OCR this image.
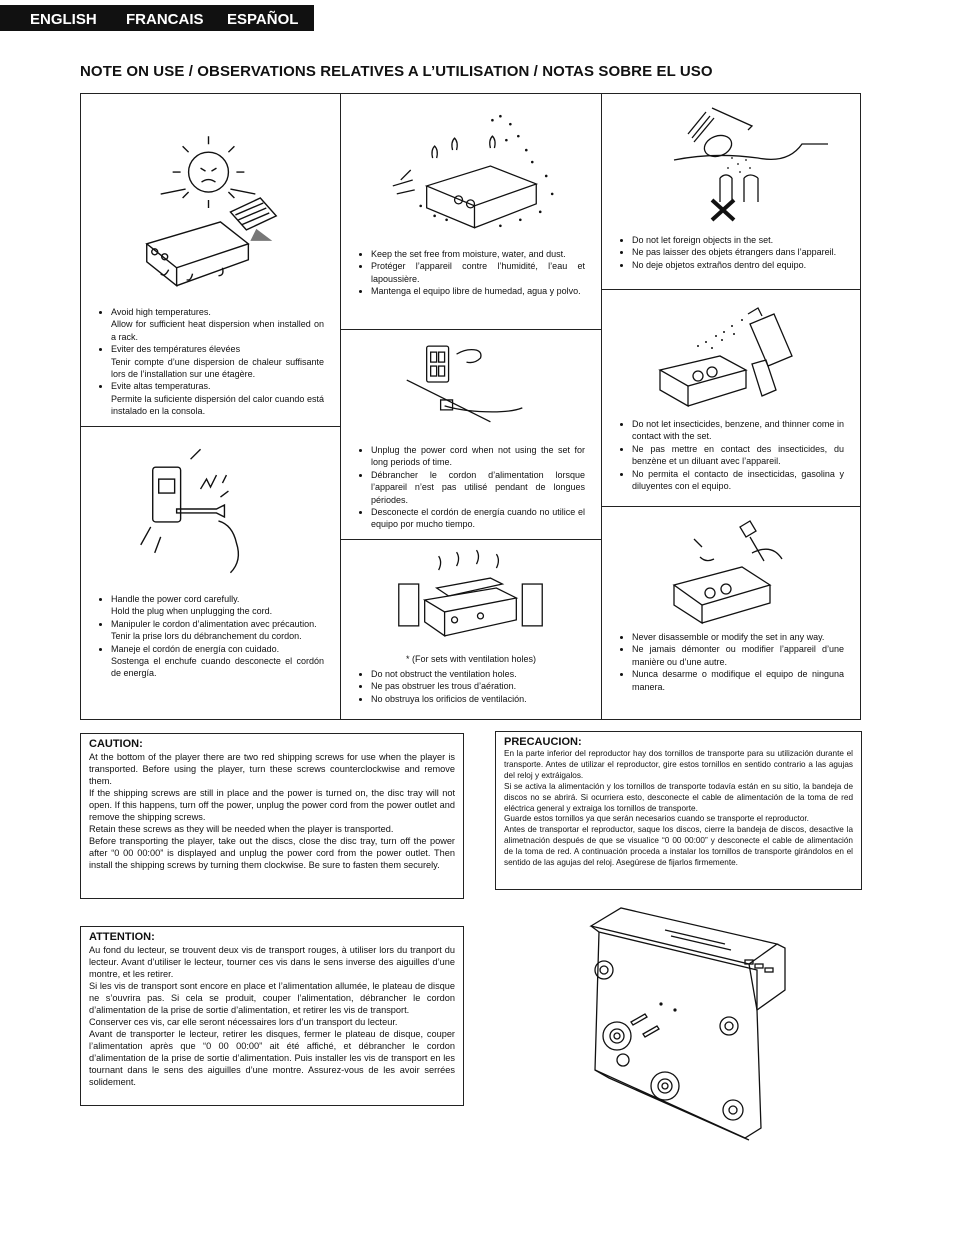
ENGLISH FRANCAIS ESPAÑOL
NOTE ON USE / OBSERVATIONS RELATIVES A L’UTILISATION / NOTAS SOBRE EL USO
• Avoid high temperatures.
Allow for sufficient heat dispersion when installed on a rack.
• Eviter des températures élevées
Tenir compte d’une dispersion de chaleur suffisante lors de l’installation sur une étagère.
• Evite altas temperaturas.
Permite la suficiente dispersión del calor cuando está instalado en la consola.
• Handle the power cord carefully.
Hold the plug when unplugging the cord.
• Manipuler le cordon d’alimentation avec précaution.
Tenir la prise lors du débranchement du cordon.
• Maneje el cordón de energía con cuidado.
Sostenga el enchufe cuando desconecte el cordón de energía.
• Keep the set free from moisture, water, and dust.
• Protéger l’appareil contre l’humidité, l’eau et lapoussière.
• Mantenga el equipo libre de humedad, agua y polvo.
• Unplug the power cord when not using the set for long periods of time.
• Débrancher le cordon d’alimentation lorsque l’appareil n’est pas utilisé pendant de longues périodes.
• Desconecte el cordón de energía cuando no utilice el equipo por mucho tiempo.
* (For sets with ventilation holes)
• Do not obstruct the ventilation holes.
• Ne pas obstruer les trous d’aération.
• No obstruya los orificios de ventilación.
• Do not let foreign objects in the set.
• Ne pas laisser des objets étrangers dans l’appareil.
• No deje objetos extraños dentro del equipo.
• Do not let insecticides, benzene, and thinner come in contact with the set.
• Ne pas mettre en contact des insecticides, du benzène et un diluant avec l’appareil.
• No permita el contacto de insecticidas, gasolina y diluyentes con el equipo.
• Never disassemble or modify the set in any way.
• Ne jamais démonter ou modifier l’appareil d’une manière ou d’une autre.
• Nunca desarme o modifique el equipo de ninguna manera.
CAUTION:

At the bottom of the player there are two red shipping screws for use when the player is transported. Before using the player, turn these screws counterclockwise and remove them.

If the shipping screws are still in place and the power is turned on, the disc tray will not open. If this happens, turn off the power, unplug the power cord from the power outlet and remove the shipping screws.

Retain these screws as they will be needed when the player is transported.

Before transporting the player, take out the discs, close the disc tray, turn off the power after “0 00 00:00” is displayed and unplug the power cord from the power outlet. Then install the shipping screws by turning them clockwise. Be sure to fasten them securely.

PRECAUCION:

En la parte inferior del reproductor hay dos tornillos de transporte para su utilización durante el transporte. Antes de utilizar el reproductor, gire estos tornillos en sentido contrario a las agujas del reloj y extráigalos.

Si se activa la alimentación y los tornillos de transporte todavía están en su sitio, la bandeja de discos no se abrirá. Si ocurriera esto, desconecte el cable de alimentación de la toma de red eléctrica general y extraiga los tornillos de transporte.

Guarde estos tornillos ya que serán necesarios cuando se transporte el reproductor.

Antes de transportar el reproductor, saque los discos, cierre la bandeja de discos, desactive la alimetnación después de que se visualice “0 00 00:00” y desconecte el cable de alimentación de la toma de red. A continuación proceda a instalar los tornillos de transporte girándolos en el sentido de las agujas del reloj. Asegúrese de fijarlos firmemente.

ATTENTION:

Au fond du lecteur, se trouvent deux vis de transport rouges, à utiliser lors du tranport du lecteur. Avant d’utiliser le lecteur, tourner ces vis dans le sens inverse des aiguilles d’une montre, et les retirer.

Si les vis de transport sont encore en place et l’alimentation allumée, le plateau de disque ne s’ouvrira pas. Si cela se produit, couper l’alimentation, débrancher le cordon d’alimentation de la prise de sortie d’alimentation, et retirer les vis de transport.

Conserver ces vis, car elle seront nécessaires lors d’un transport du lecteur.

Avant de transporter le lecteur, retirer les disques, fermer le plateau de disque, couper l’alimentation après que “0 00 00:00” ait été affiché, et débrancher le cordon d’alimentation de la prise de sortie d’alimentation. Puis installer les vis de transport en les tournant dans le sens des aiguilles d’une montre. Assurez-vous de les avoir serrées solidement.
